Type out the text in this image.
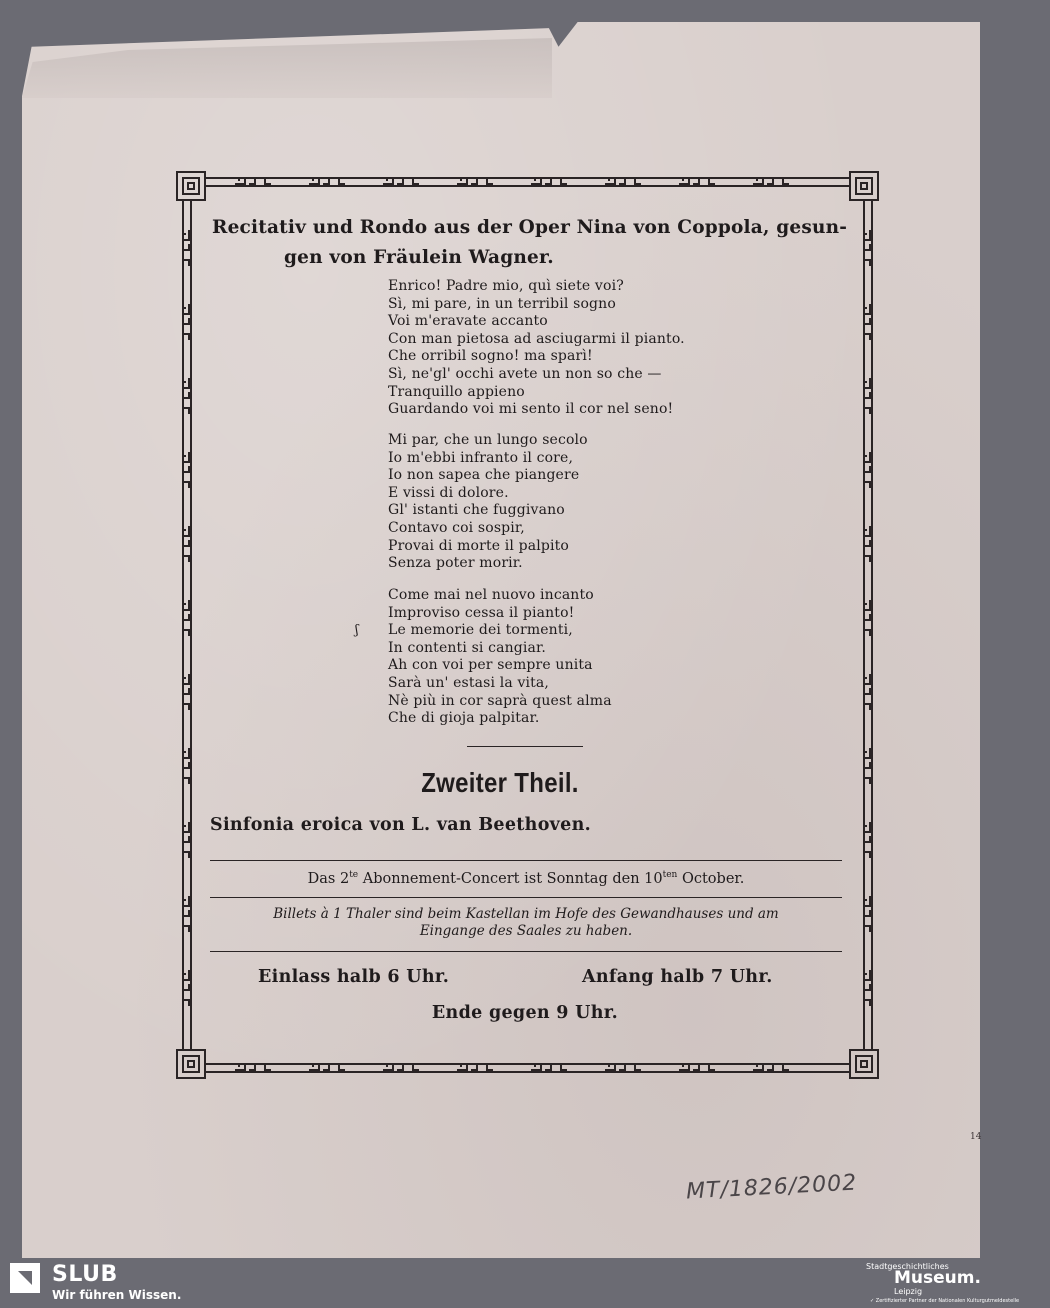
Recitativ und Rondo aus der Oper Nina von Coppola, gesun-
gen von Fräulein Wagner.
Enrico! Padre mio, quì siete voi?
Sì, mi pare, in un terribil sogno
Voi m'eravate accanto
Con man pietosa ad asciugarmi il pianto.
Che orribil sogno! ma sparì!
Sì, ne'gl' occhi avete un non so che —
Tranquillo appieno
Guardando voi mi sento il cor nel seno!
Mi par, che un lungo secolo
Io m'ebbi infranto il core,
Io non sapea che piangere
E vissi di dolore.
Gl' istanti che fuggivano
Contavo coi sospir,
Provai di morte il palpito
Senza poter morir.
ʃ
Come mai nel nuovo incanto
Improviso cessa il pianto!
Le memorie dei tormenti,
In contenti si cangiar.
Ah con voi per sempre unita
Sarà un' estasi la vita,
Nè più in cor saprà quest alma
Che di gioja palpitar.
Zweiter Theil.
Sinfonia eroica von L. van Beethoven.
Das $2^{te}$ Abonnement-Concert ist Sonntag den $10^{ten}$ October.
Billets à 1 Thaler sind beim Kastellan im Hofe des Gewandhauses und am
Eingange des Saales zu haben.
Einlass halb 6 Uhr.	Anfang halb 7 Uhr.
Ende gegen 9 Uhr.
14
MT/1826/2002
SLUB
Wir führen Wissen.
Stadtgeschichtliches
Museum.
Leipzig
✓ Zertifizierter Partner der Nationalen Kulturgutmeldestelle
